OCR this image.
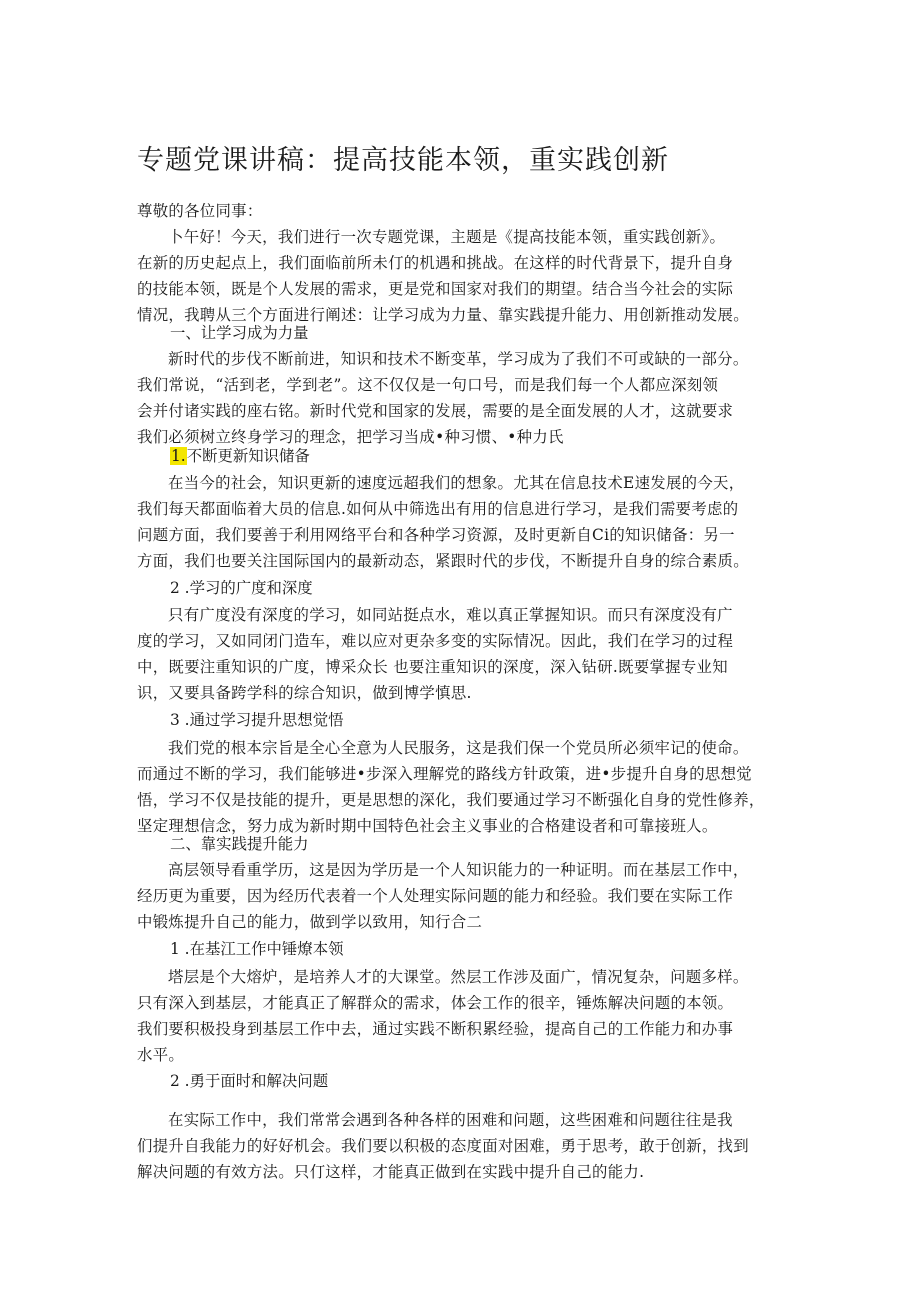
专题党课讲稿：提高技能本领，重实践创新

尊敬的各位同事：

卜午好！今天，我们进行一次专题党课，主题是《提高技能本领，重实践创新》。

在新的历史起点上，我们面临前所未仃的机遇和挑战。在这样的时代背景下，提升自身

的技能本领，既是个人发展的需求，更是党和国家对我们的期望。结合当今社会的实际

情况，我聘从三个方面进行阐述：让学习成为力量、靠实践提升能力、用创新推动发展。

一、让学习成为力量

新时代的步伐不断前进，知识和技术不断变革，学习成为了我们不可或缺的一部分。

我们常说，“活到老，学到老”。这不仅仅是一句口号，而是我们每一个人都应深刻领

会并付诸实践的座右铭。新时代党和国家的发展，需要的是全面发展的人才，这就要求

我们必须树立终身学习的理念，把学习当成•种习惯、•种力氏

1.不断更新知识储备

在当今的社会，知识更新的速度远超我们的想象。尤其在信息技术E速发展的今天，

我们每天都面临着大员的信息.如何从中筛选出有用的信息进行学习，是我们需要考虑的

问题方面，我们要善于利用网络平台和各种学习资源，及时更新自Ci的知识储备：另一

方面，我们也要关注国际国内的最新动态，紧跟时代的步伐，不断提升自身的综合素质。

2 .学习的广度和深度

只有广度没有深度的学习，如同站挺点水，难以真正掌握知识。而只有深度没有广

度的学习，又如同闭门造车，难以应对更杂多变的实际情况。因此，我们在学习的过程

中，既要注重知识的广度，博采众长 也要注重知识的深度，深入钻研.既要掌握专业知

识，又要具备跨学科的综合知识，做到博学慎思.

3 .通过学习提升思想觉悟

我们党的根本宗旨是全心全意为人民服务，这是我们保一个党员所必须牢记的使命。

而通过不断的学习，我们能够进•步深入理解党的路线方针政策，进•步提升自身的思想觉

悟，学习不仅是技能的提升，更是思想的深化，我们要通过学习不断强化自身的党性修养，

坚定理想信念，努力成为新时期中国特色社会主义事业的合格建设者和可靠接班人。

二、靠实践提升能力

高层领导看重学历，这是因为学历是一个人知识能力的一种证明。而在基层工作中，

经历更为重要，因为经历代表着一个人处理实际问题的能力和经验。我们要在实际工作

中锻炼提升自己的能力，做到学以致用，知行合二

1 .在基江工作中锤燎本领

塔层是个大熔炉，是培养人才的大课堂。然层工作涉及面广，情况复杂，问题多样。

只有深入到基层，才能真正了解群众的需求，体会工作的很辛，锤炼解决问题的本领。

我们要积极投身到基层工作中去，通过实践不断积累经验，提高自己的工作能力和办事

水平。

2 .勇于面时和解决问题

在实际工作中，我们常常会遇到各种各样的困难和问题，这些困难和问题往往是我

们提升自我能力的好好机会。我们要以积极的态度面对困难，勇于思考，敢于创新，找到

解决问题的有效方法。只仃这样，才能真正做到在实践中提升自己的能力.
